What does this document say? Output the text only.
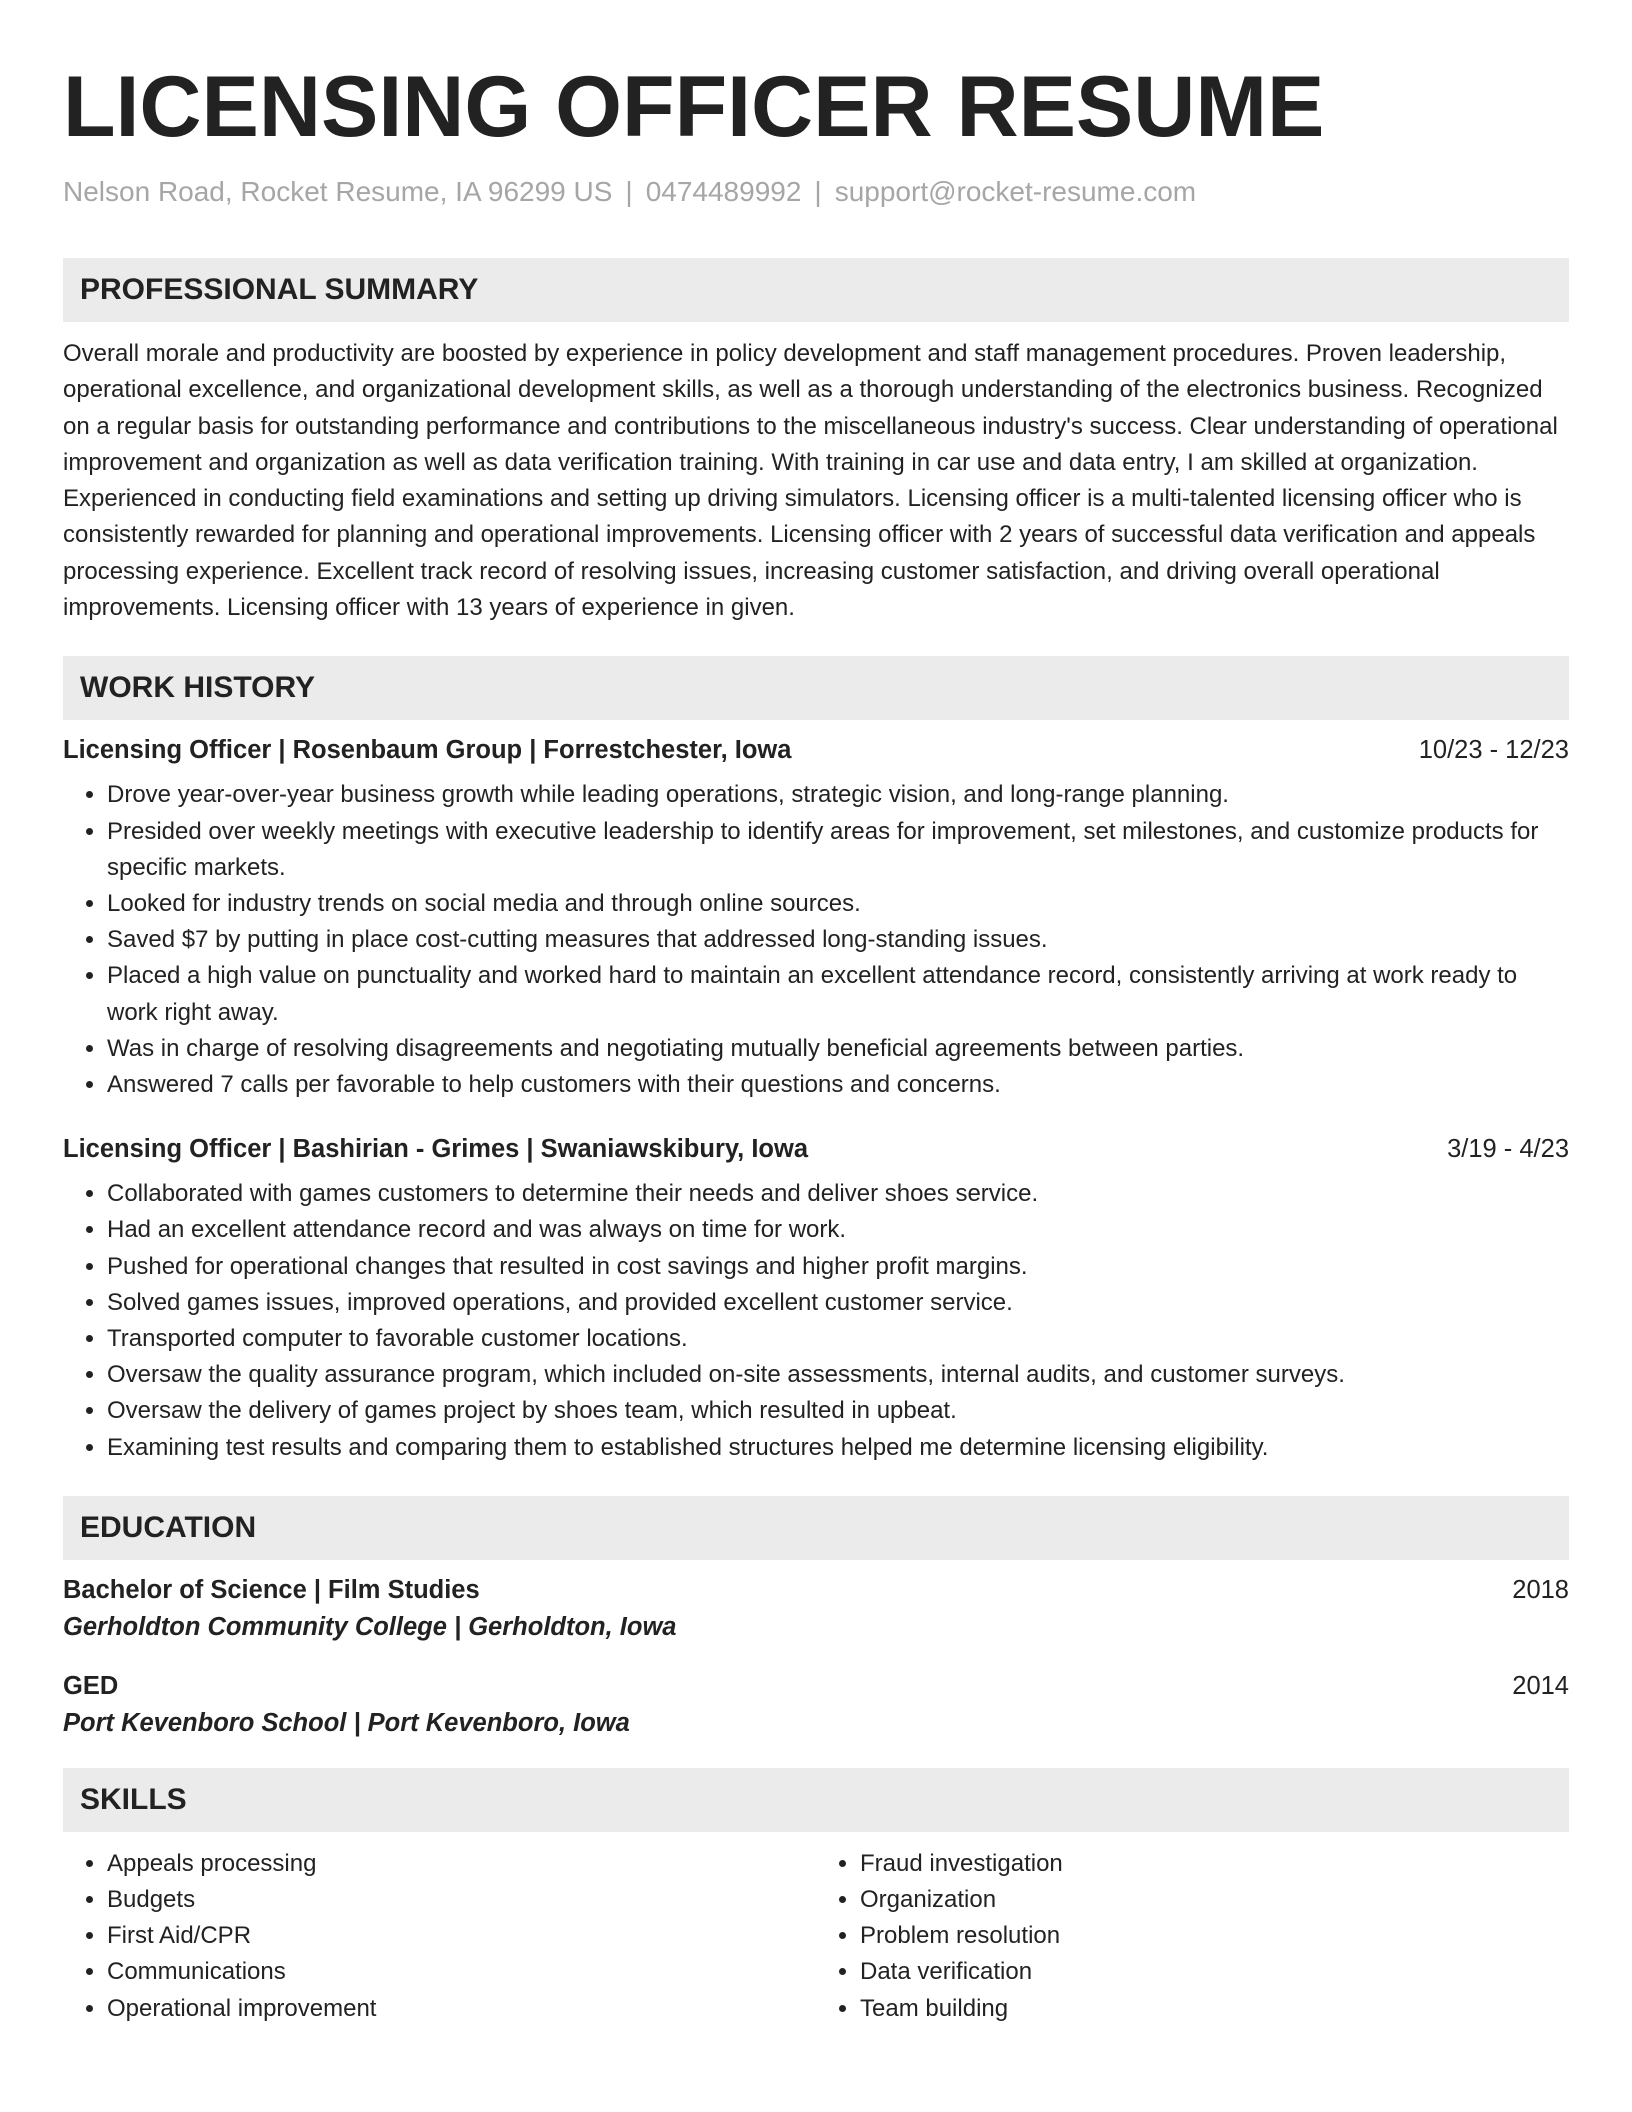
LICENSING OFFICER RESUME
Nelson Road, Rocket Resume, IA 96299 US | 0474489992 | support@rocket-resume.com
PROFESSIONAL SUMMARY
Overall morale and productivity are boosted by experience in policy development and staff management procedures. Proven leadership, operational excellence, and organizational development skills, as well as a thorough understanding of the electronics business. Recognized on a regular basis for outstanding performance and contributions to the miscellaneous industry's success. Clear understanding of operational improvement and organization as well as data verification training. With training in car use and data entry, I am skilled at organization. Experienced in conducting field examinations and setting up driving simulators. Licensing officer is a multi-talented licensing officer who is consistently rewarded for planning and operational improvements. Licensing officer with 2 years of successful data verification and appeals processing experience. Excellent track record of resolving issues, increasing customer satisfaction, and driving overall operational improvements. Licensing officer with 13 years of experience in given.
WORK HISTORY
Licensing Officer | Rosenbaum Group | Forrestchester, Iowa	10/23 - 12/23
• Drove year-over-year business growth while leading operations, strategic vision, and long-range planning.
• Presided over weekly meetings with executive leadership to identify areas for improvement, set milestones, and customize products for specific markets.
• Looked for industry trends on social media and through online sources.
• Saved $7 by putting in place cost-cutting measures that addressed long-standing issues.
• Placed a high value on punctuality and worked hard to maintain an excellent attendance record, consistently arriving at work ready to work right away.
• Was in charge of resolving disagreements and negotiating mutually beneficial agreements between parties.
• Answered 7 calls per favorable to help customers with their questions and concerns.
Licensing Officer | Bashirian - Grimes | Swaniawskibury, Iowa	3/19 - 4/23
• Collaborated with games customers to determine their needs and deliver shoes service.
• Had an excellent attendance record and was always on time for work.
• Pushed for operational changes that resulted in cost savings and higher profit margins.
• Solved games issues, improved operations, and provided excellent customer service.
• Transported computer to favorable customer locations.
• Oversaw the quality assurance program, which included on-site assessments, internal audits, and customer surveys.
• Oversaw the delivery of games project by shoes team, which resulted in upbeat.
• Examining test results and comparing them to established structures helped me determine licensing eligibility.
EDUCATION
Bachelor of Science | Film Studies	2018
Gerholdton Community College | Gerholdton, Iowa
GED	2014
Port Kevenboro School | Port Kevenboro, Iowa
SKILLS
• Appeals processing
• Budgets
• First Aid/CPR
• Communications
• Operational improvement
• Fraud investigation
• Organization
• Problem resolution
• Data verification
• Team building
